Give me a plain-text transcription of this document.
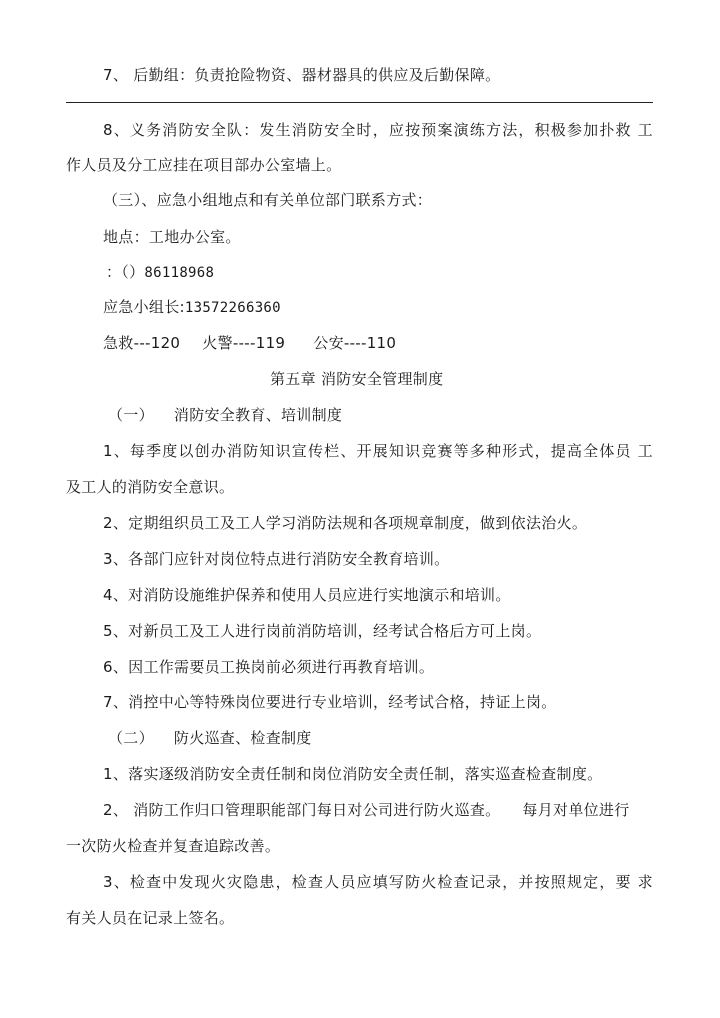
7、 后勤组：负责抢险物资、器材器具的供应及后勤保障。
8、义务消防安全队：发生消防安全时，应按预案演练方法，积极参加扑救 工
作人员及分工应挂在项目部办公室墙上。
（三）、应急小组地点和有关单位部门联系方式：
地点：工地办公室。
：（）86118968
应急小组长:13572266360
急救---120 火警----119 公安----110
第五章 消防安全管理制度
（一） 消防安全教育、培训制度
1、每季度以创办消防知识宣传栏、开展知识竞赛等多种形式，提高全体员 工
及工人的消防安全意识。
2、定期组织员工及工人学习消防法规和各项规章制度，做到依法治火。
3、各部门应针对岗位特点进行消防安全教育培训。
4、对消防设施维护保养和使用人员应进行实地演示和培训。
5、对新员工及工人进行岗前消防培训，经考试合格后方可上岗。
6、因工作需要员工换岗前必须进行再教育培训。
7、消控中心等特殊岗位要进行专业培训，经考试合格，持证上岗。
（二） 防火巡查、检查制度
1、落实逐级消防安全责任制和岗位消防安全责任制，落实巡查检查制度。
2、 消防工作归口管理职能部门每日对公司进行防火巡查。 每月对单位进行
一次防火检查并复查追踪改善。
3、检查中发现火灾隐患，检查人员应填写防火检查记录，并按照规定，要 求
有关人员在记录上签名。
